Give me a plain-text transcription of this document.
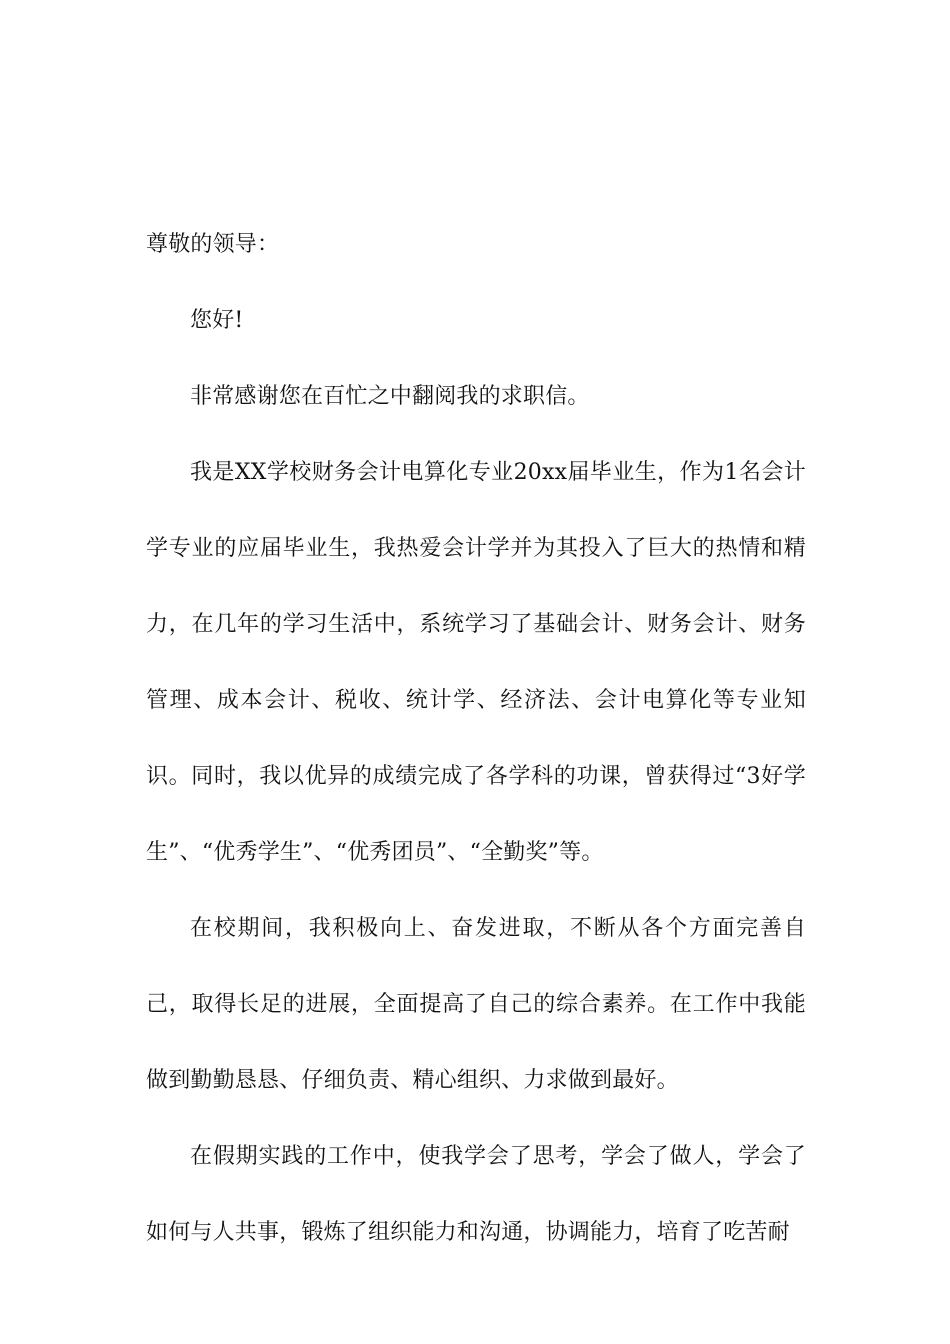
尊敬的领导：

您好!

非常感谢您在百忙之中翻阅我的求职信。

我是XX学校财务会计电算化专业20xx届毕业生，作为1名会计学专业的应届毕业生，我热爱会计学并为其投入了巨大的热情和精力，在几年的学习生活中，系统学习了基础会计、财务会计、财务管理、成本会计、税收、统计学、经济法、会计电算化等专业知识。同时，我以优异的成绩完成了各学科的功课，曾获得过“3好学生”、“优秀学生”、“优秀团员”、“全勤奖”等。

在校期间，我积极向上、奋发进取，不断从各个方面完善自己，取得长足的进展，全面提高了自己的综合素养。在工作中我能做到勤勤恳恳、仔细负责、精心组织、力求做到最好。

在假期实践的工作中，使我学会了思考，学会了做人，学会了如何与人共事，锻炼了组织能力和沟通，协调能力，培育了吃苦耐
